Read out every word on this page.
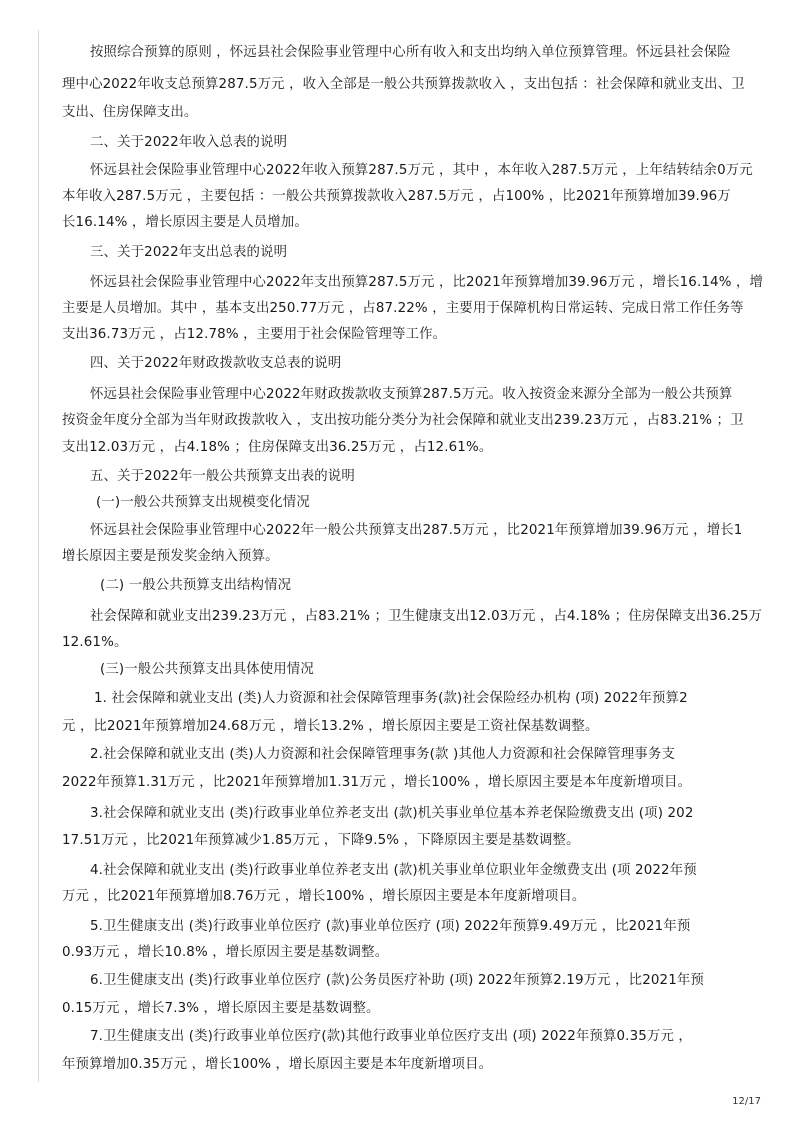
按照综合预算的原则 ，怀远县社会保险事业管理中心所有收入和支出均纳入单位预算管理。怀远县社会保险
理中心2022年收支总预算287.5万元 ，收入全部是一般公共预算拨款收入 ，支出包括 ：社会保障和就业支出、卫
支出、住房保障支出。
二、关于2022年收入总表的说明
怀远县社会保险事业管理中心2022年收入预算287.5万元 ，其中 ，本年收入287.5万元 ，上年结转结余0万元
本年收入287.5万元 ，主要包括 ：一般公共预算拨款收入287.5万元 ，占100% ，比2021年预算增加39.96万
长16.14% ，增长原因主要是人员增加。
三、关于2022年支出总表的说明
怀远县社会保险事业管理中心2022年支出预算287.5万元 ，比2021年预算增加39.96万元 ，增长16.14% ，增
主要是人员增加。其中 ，基本支出250.77万元 ，占87.22% ，主要用于保障机构日常运转、完成日常工作任务等
支出36.73万元 ，占12.78% ，主要用于社会保险管理等工作。
四、关于2022年财政拨款收支总表的说明
怀远县社会保险事业管理中心2022年财政拨款收支预算287.5万元。收入按资金来源分全部为一般公共预算
按资金年度分全部为当年财政拨款收入 ，支出按功能分类分为社会保障和就业支出239.23万元 ，占83.21% ；卫
支出12.03万元 ，占4.18% ；住房保障支出36.25万元 ，占12.61%。
五、关于2022年一般公共预算支出表的说明
(一)一般公共预算支出规模变化情况
怀远县社会保险事业管理中心2022年一般公共预算支出287.5万元 ，比2021年预算增加39.96万元 ，增长1
增长原因主要是预发奖金纳入预算。
(二) 一般公共预算支出结构情况
社会保障和就业支出239.23万元 ，占83.21% ；卫生健康支出12.03万元 ，占4.18% ；住房保障支出36.25万
12.61%。
(三)一般公共预算支出具体使用情况
1. 社会保障和就业支出 (类)人力资源和社会保障管理事务(款)社会保险经办机构 (项) 2022年预算2
元 ，比2021年预算增加24.68万元 ，增长13.2% ，增长原因主要是工资社保基数调整。
2.社会保障和就业支出 (类)人力资源和社会保障管理事务(款 )其他人力资源和社会保障管理事务支
2022年预算1.31万元 ，比2021年预算增加1.31万元 ，增长100% ，增长原因主要是本年度新增项目。
3.社会保障和就业支出 (类)行政事业单位养老支出 (款)机关事业单位基本养老保险缴费支出 (项) 202
17.51万元 ，比2021年预算减少1.85万元 ，下降9.5% ，下降原因主要是基数调整。
4.社会保障和就业支出 (类)行政事业单位养老支出 (款)机关事业单位职业年金缴费支出 (项 2022年预
万元 ，比2021年预算增加8.76万元 ，增长100% ，增长原因主要是本年度新增项目。
5.卫生健康支出 (类)行政事业单位医疗 (款)事业单位医疗 (项) 2022年预算9.49万元 ，比2021年预
0.93万元 ，增长10.8% ，增长原因主要是基数调整。
6.卫生健康支出 (类)行政事业单位医疗 (款)公务员医疗补助 (项) 2022年预算2.19万元 ，比2021年预
0.15万元 ，增长7.3% ，增长原因主要是基数调整。
7.卫生健康支出 (类)行政事业单位医疗(款)其他行政事业单位医疗支出 (项) 2022年预算0.35万元 ，
年预算增加0.35万元 ，增长100% ，增长原因主要是本年度新增项目。
12/17
